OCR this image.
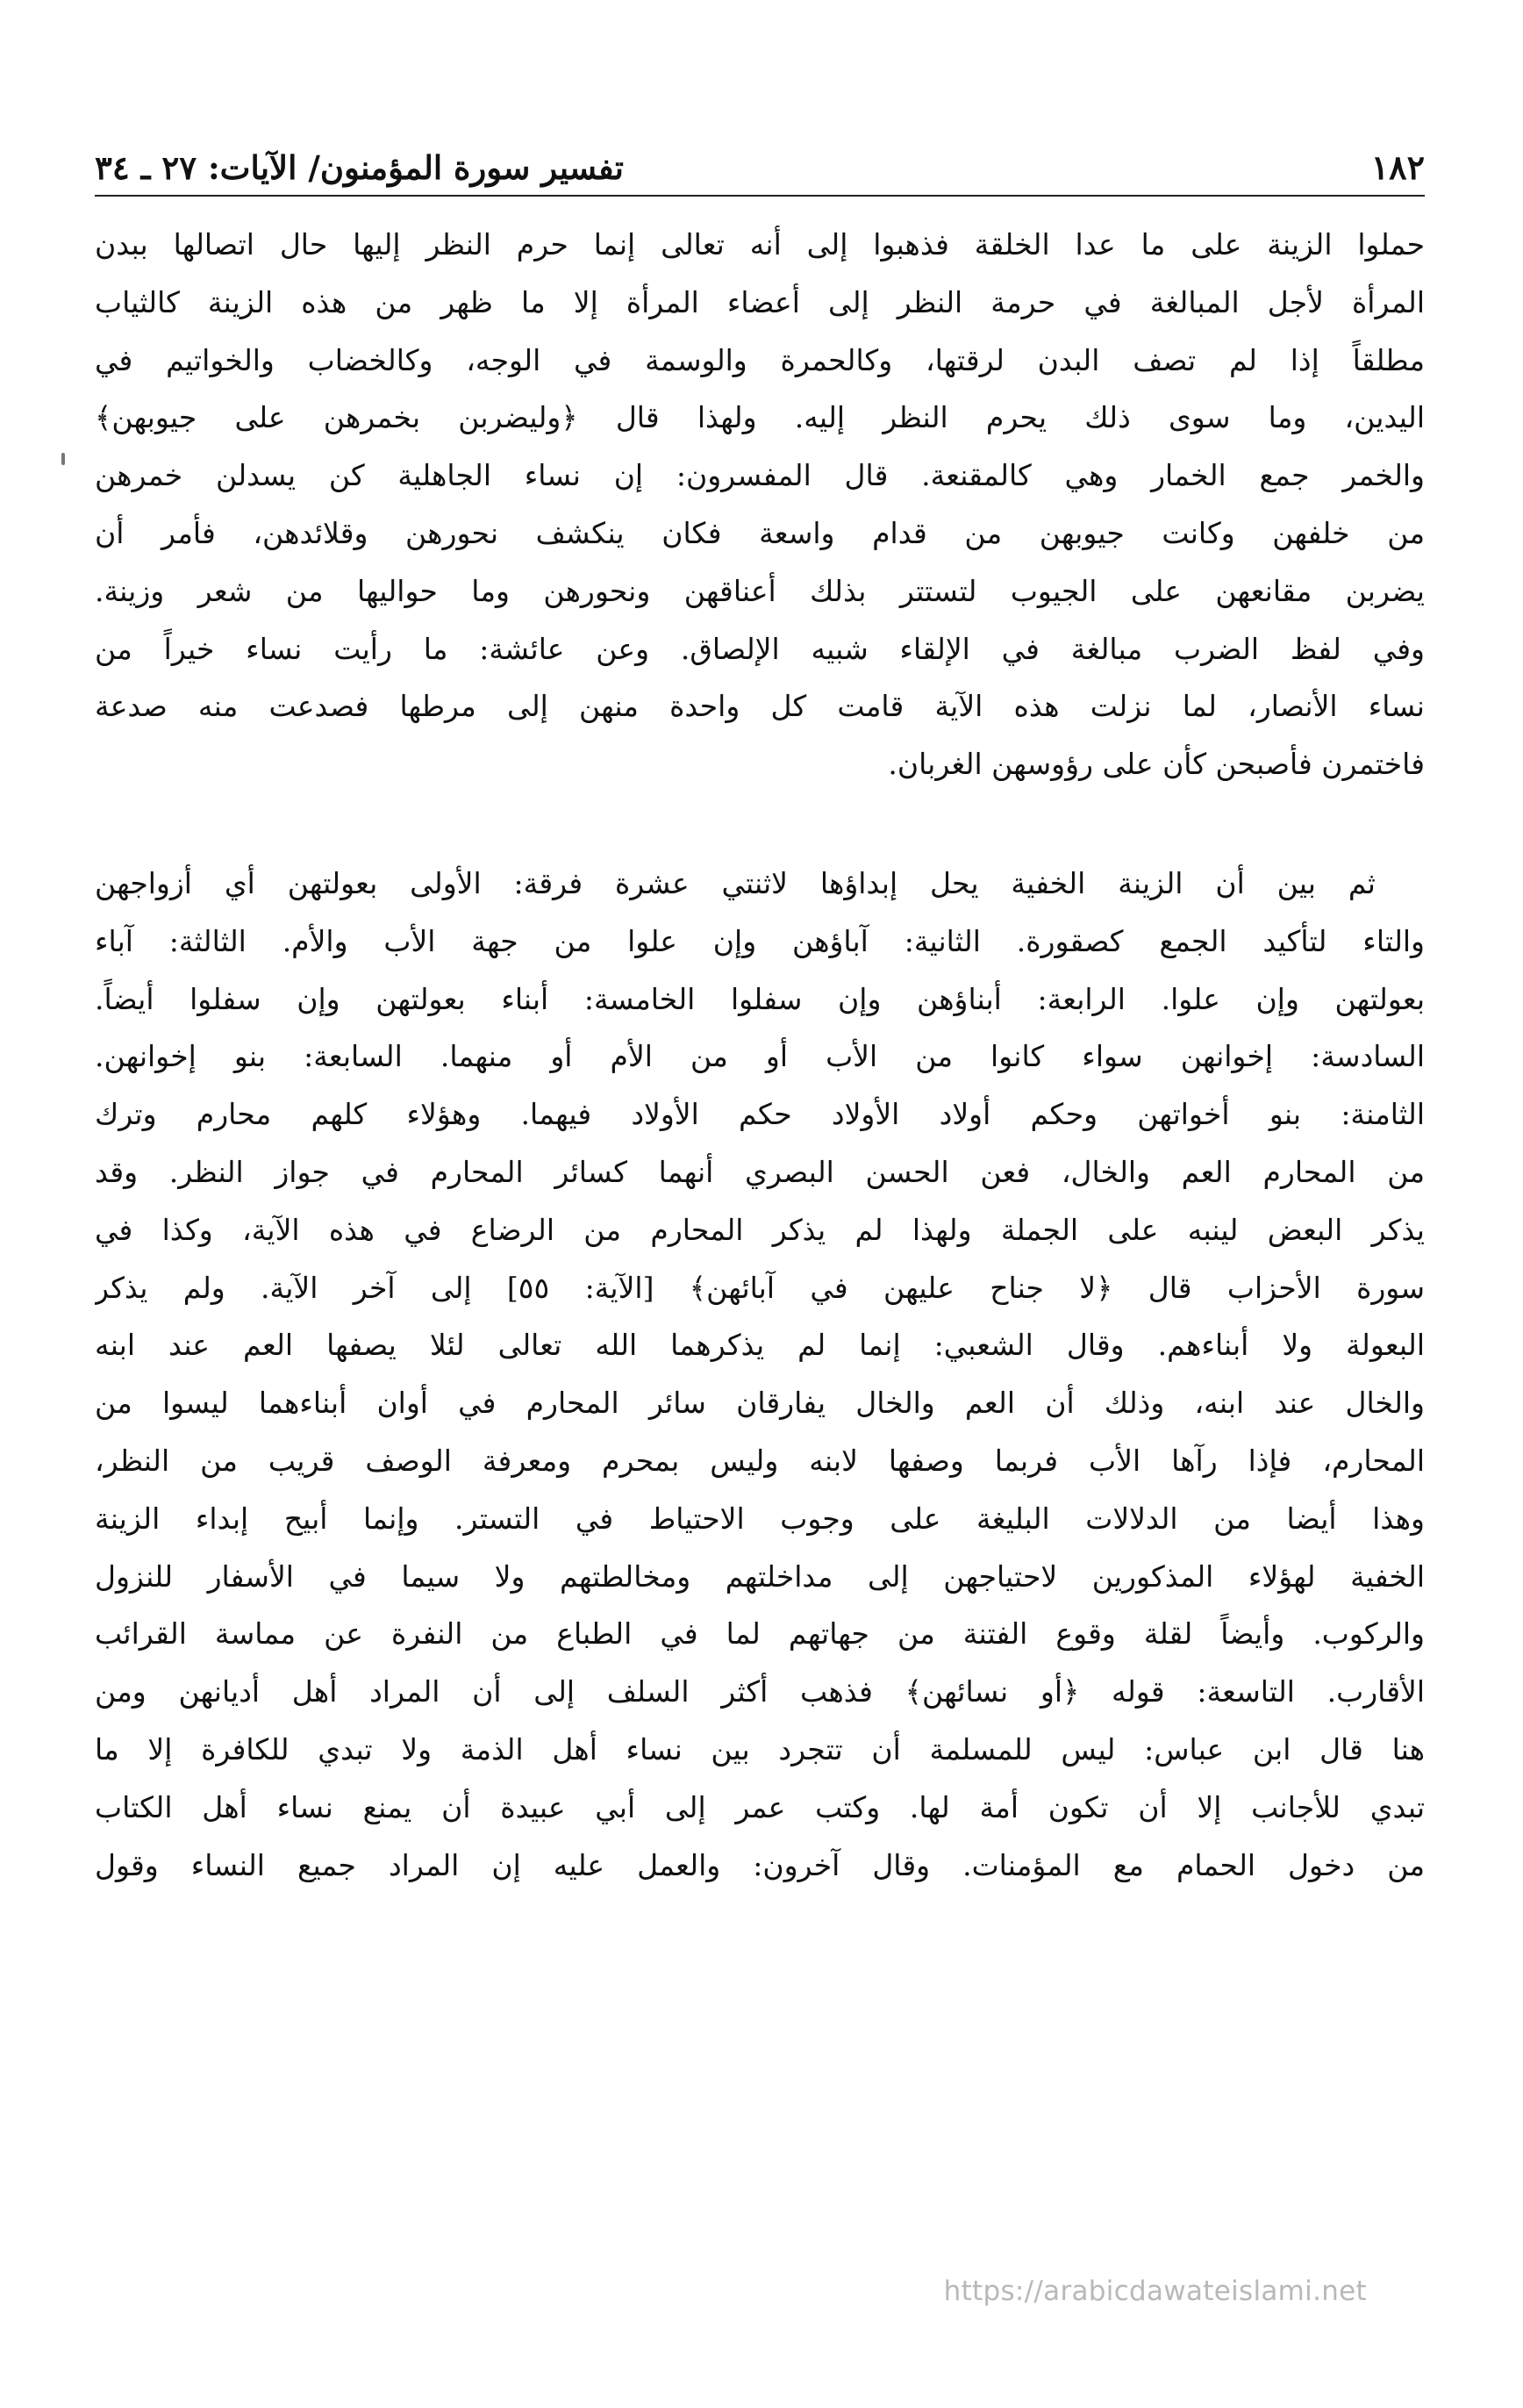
١٨٢
تفسير سورة المؤمنون/ الآيات: ٢٧ ـ ٣٤
حملوا الزينة على ما عدا الخلقة فذهبوا إلى أنه تعالى إنما حرم النظر إليها حال اتصالها ببدن
المرأة لأجل المبالغة في حرمة النظر إلى أعضاء المرأة إلا ما ظهر من هذه الزينة كالثياب
مطلقاً إذا لم تصف البدن لرقتها، وكالحمرة والوسمة في الوجه، وكالخضاب والخواتيم في
اليدين، وما سوى ذلك يحرم النظر إليه. ولهذا قال ﴿وليضربن بخمرهن على جيوبهن﴾
والخمر جمع الخمار وهي كالمقنعة. قال المفسرون: إن نساء الجاهلية كن يسدلن خمرهن
من خلفهن وكانت جيوبهن من قدام واسعة فكان ينكشف نحورهن وقلائدهن، فأمر أن
يضربن مقانعهن على الجيوب لتستتر بذلك أعناقهن ونحورهن وما حواليها من شعر وزينة.
وفي لفظ الضرب مبالغة في الإلقاء شبيه الإلصاق. وعن عائشة: ما رأيت نساء خيراً من
نساء الأنصار، لما نزلت هذه الآية قامت كل واحدة منهن إلى مرطها فصدعت منه صدعة
فاختمرن فأصبحن كأن على رؤوسهن الغربان.
ثم بين أن الزينة الخفية يحل إبداؤها لاثنتي عشرة فرقة: الأولى بعولتهن أي أزواجهن
والتاء لتأكيد الجمع كصقورة. الثانية: آباؤهن وإن علوا من جهة الأب والأم. الثالثة: آباء
بعولتهن وإن علوا. الرابعة: أبناؤهن وإن سفلوا الخامسة: أبناء بعولتهن وإن سفلوا أيضاً.
السادسة: إخوانهن سواء كانوا من الأب أو من الأم أو منهما. السابعة: بنو إخوانهن.
الثامنة: بنو أخواتهن وحكم أولاد الأولاد حكم الأولاد فيهما. وهؤلاء كلهم محارم وترك
من المحارم العم والخال، فعن الحسن البصري أنهما كسائر المحارم في جواز النظر. وقد
يذكر البعض لينبه على الجملة ولهذا لم يذكر المحارم من الرضاع في هذه الآية، وكذا في
سورة الأحزاب قال ﴿لا جناح عليهن في آبائهن﴾ [الآية: ٥٥] إلى آخر الآية. ولم يذكر
البعولة ولا أبناءهم. وقال الشعبي: إنما لم يذكرهما الله تعالى لئلا يصفها العم عند ابنه
والخال عند ابنه، وذلك أن العم والخال يفارقان سائر المحارم في أوان أبناءهما ليسوا من
المحارم، فإذا رآها الأب فربما وصفها لابنه وليس بمحرم ومعرفة الوصف قريب من النظر،
وهذا أيضا من الدلالات البليغة على وجوب الاحتياط في التستر. وإنما أبيح إبداء الزينة
الخفية لهؤلاء المذكورين لاحتياجهن إلى مداخلتهم ومخالطتهم ولا سيما في الأسفار للنزول
والركوب. وأيضاً لقلة وقوع الفتنة من جهاتهم لما في الطباع من النفرة عن مماسة القرائب
الأقارب. التاسعة: قوله ﴿أو نسائهن﴾ فذهب أكثر السلف إلى أن المراد أهل أديانهن ومن
هنا قال ابن عباس: ليس للمسلمة أن تتجرد بين نساء أهل الذمة ولا تبدي للكافرة إلا ما
تبدي للأجانب إلا أن تكون أمة لها. وكتب عمر إلى أبي عبيدة أن يمنع نساء أهل الكتاب
من دخول الحمام مع المؤمنات. وقال آخرون: والعمل عليه إن المراد جميع النساء وقول
https://arabicdawateislami.net
